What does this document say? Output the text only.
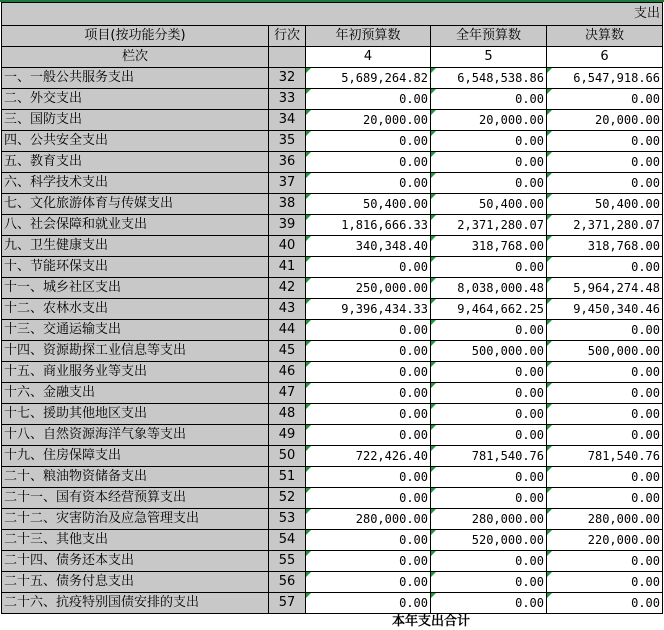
支出				
项目(按功能分类)	行次	年初预算数	全年预算数	决算数
栏次		4	5	6
一、一般公共服务支出	32	5,689,264.82	6,548,538.86	6,547,918.66
二、外交支出	33	0.00	0.00	0.00
三、国防支出	34	20,000.00	20,000.00	20,000.00
四、公共安全支出	35	0.00	0.00	0.00
五、教育支出	36	0.00	0.00	0.00
六、科学技术支出	37	0.00	0.00	0.00
七、文化旅游体育与传媒支出	38	50,400.00	50,400.00	50,400.00
八、社会保障和就业支出	39	1,816,666.33	2,371,280.07	2,371,280.07
九、卫生健康支出	40	340,348.40	318,768.00	318,768.00
十、节能环保支出	41	0.00	0.00	0.00
十一、城乡社区支出	42	250,000.00	8,038,000.48	5,964,274.48
十二、农林水支出	43	9,396,434.33	9,464,662.25	9,450,340.46
十三、交通运输支出	44	0.00	0.00	0.00
十四、资源勘探工业信息等支出	45	0.00	500,000.00	500,000.00
十五、商业服务业等支出	46	0.00	0.00	0.00
十六、金融支出	47	0.00	0.00	0.00
十七、援助其他地区支出	48	0.00	0.00	0.00
十八、自然资源海洋气象等支出	49	0.00	0.00	0.00
十九、住房保障支出	50	722,426.40	781,540.76	781,540.76
二十、粮油物资储备支出	51	0.00	0.00	0.00
二十一、国有资本经营预算支出	52	0.00	0.00	0.00
二十二、灾害防治及应急管理支出	53	280,000.00	280,000.00	280,000.00
二十三、其他支出	54	0.00	520,000.00	220,000.00
二十四、债务还本支出	55	0.00	0.00	0.00
二十五、债务付息支出	56	0.00	0.00	0.00
二十六、抗疫特别国债安排的支出	57	0.00	0.00	0.00
本年支出合计
